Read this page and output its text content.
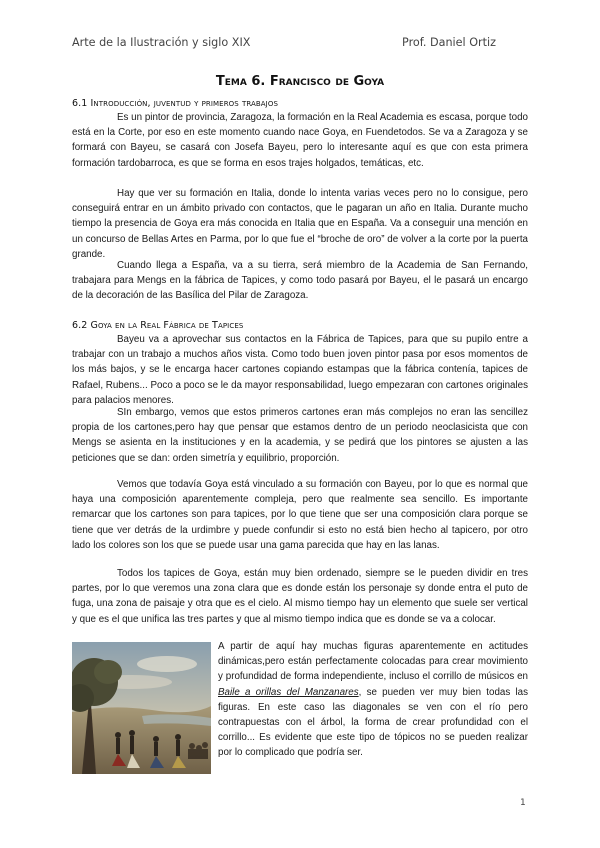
Arte de la Ilustración y siglo XIX	Prof. Daniel Ortiz
Tema 6. Francisco de Goya
6.1 Introducción, juventud y primeros trabajos

Es un pintor de provincia, Zaragoza, la formación en la Real Academia es escasa, porque todo está en la Corte, por eso en este momento cuando nace Goya, en Fuendetodos. Se va a Zaragoza y se formará con Bayeu, se casará con Josefa Bayeu, pero lo interesante aquí es que con esta primera formación tardobarroca, es que se forma en esos trajes holgados, temáticas, etc.

Hay que ver su formación en Italia, donde lo intenta varias veces pero no lo consigue, pero conseguirá entrar en un ámbito privado con contactos, que le pagaran un año en Italia. Durante mucho tiempo la presencia de Goya era más conocida en Italia que en España. Va a conseguir una mención en un concurso de Bellas Artes en Parma, por lo que fue el “broche de oro” de volver a la corte por la puerta grande.

Cuando llega a España, va a su tierra, será miembro de la Academia de San Fernando, trabajara para Mengs en la fábrica de Tapices, y como todo pasará por Bayeu, el le pasará un encargo de la decoración de las Basílica del Pilar de Zaragoza.

6.2 Goya en la Real Fábrica de Tapices

Bayeu va a aprovechar sus contactos en la Fábrica de Tapices, para que su pupilo entre a trabajar con un trabajo a muchos años vista. Como todo buen joven pintor pasa por esos momentos de los más bajos, y se le encarga hacer cartones copiando estampas que la fábrica contenía, tapices de Rafael, Rubens... Poco a poco se le da mayor responsabilidad, luego empezaran con cartones originales para palacios menores.

SIn embargo, vemos que estos primeros cartones eran más complejos no eran las sencillez propia de los cartones,pero hay que pensar que estamos dentro de un periodo neoclasicista que con Mengs se asienta en la instituciones y en la academia, y se pedirá que los pintores se ajusten a las peticiones que se dan: orden simetría y equilibrio, proporción.

Vemos que todavía Goya está vinculado a su formación con Bayeu, por lo que es normal que haya una composición aparentemente compleja, pero que realmente sea sencillo. Es importante remarcar que los cartones son para tapices, por lo que tiene que ser una composición clara porque se tiene que ver detrás de la urdimbre y puede confundir si esto no está bien hecho al tapicero, por otro lado los colores son los que se puede usar una gama parecida que hay en las lanas.

Todos los tapices de Goya, están muy bien ordenado, siempre se le pueden dividir en tres partes, por lo que veremos una zona clara que es donde están los personaje sy donde entra el puto de fuga, una zona de paisaje y otra que es el cielo. Al mismo tiempo hay un elemento que suele ser vertical y que es el que unifica las tres partes y que al mismo tiempo indica que es donde se va a colocar.

A partir de aquí hay muchas figuras aparentemente en actitudes dinámicas,pero están perfectamente colocadas para crear movimiento y profundidad de forma independiente, incluso el corrillo de músicos en Baile a orillas del Manzanares, se pueden ver muy bien todas las figuras. En este caso las diagonales se ven con el río pero contrapuestas con el árbol, la forma de crear profundidad con el corrillo... Es evidente que este tipo de tópicos no se pueden realizar por lo complicado que podría ser.

1
